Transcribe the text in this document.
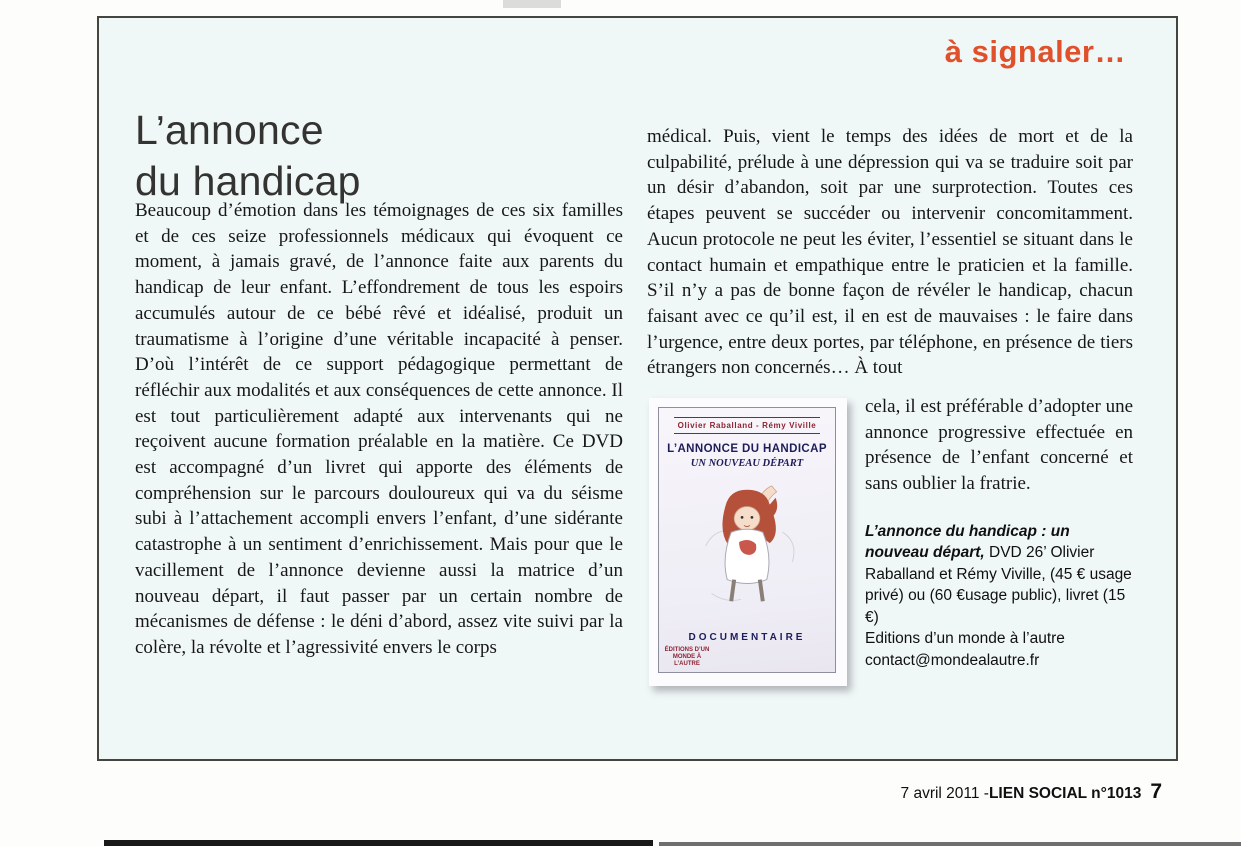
à signaler…
L’annonce
du handicap

Beaucoup d’émotion dans les témoignages de ces six familles et de ces seize professionnels médicaux qui évoquent ce moment, à jamais gravé, de l’annonce faite aux parents du handicap de leur enfant. L’effondrement de tous les espoirs accumulés autour de ce bébé rêvé et idéalisé, produit un traumatisme à l’origine d’une véritable incapacité à penser. D’où l’intérêt de ce support pédagogique permettant de réfléchir aux modalités et aux conséquences de cette annonce. Il est tout particulièrement adapté aux intervenants qui ne reçoivent aucune formation préalable en la matière. Ce DVD est accompagné d’un livret qui apporte des éléments de compréhension sur le parcours douloureux qui va du séisme subi à l’attachement accompli envers l’enfant, d’une sidérante catastrophe à un sentiment d’enrichissement. Mais pour que le vacillement de l’annonce devienne aussi la matrice d’un nouveau départ, il faut passer par un certain nombre de mécanismes de défense : le déni d’abord, assez vite suivi par la colère, la révolte et l’agressivité envers le corps

médical. Puis, vient le temps des idées de mort et de la culpabilité, prélude à une dépression qui va se traduire soit par un désir d’abandon, soit par une surprotection. Toutes ces étapes peuvent se succéder ou intervenir concomitamment. Aucun protocole ne peut les éviter, l’essentiel se situant dans le contact humain et empathique entre le praticien et la famille. S’il n’y a pas de bonne façon de révéler le handicap, chacun faisant avec ce qu’il est, il en est de mauvaises : le faire dans l’urgence, entre deux portes, par téléphone, en présence de tiers étrangers non concernés… À tout

Olivier Raballand - Rémy Viville
L’ANNONCE DU HANDICAP
UN NOUVEAU DÉPART
DOCUMENTAIRE
ÉDITIONS D’UN MONDE À L’AUTRE

cela, il est préférable d’adopter une annonce progressive effectuée en présence de l’enfant concerné et sans oublier la fratrie.

L’annonce du handicap : un nouveau départ, DVD 26’ Olivier Raballand et Rémy Viville, (45 € usage privé) ou (60 €usage public), livret (15 €)

Editions d’un monde à l’autre

contact@mondealautre.fr

7 avril 2011 - LIEN SOCIAL n°1013 7
